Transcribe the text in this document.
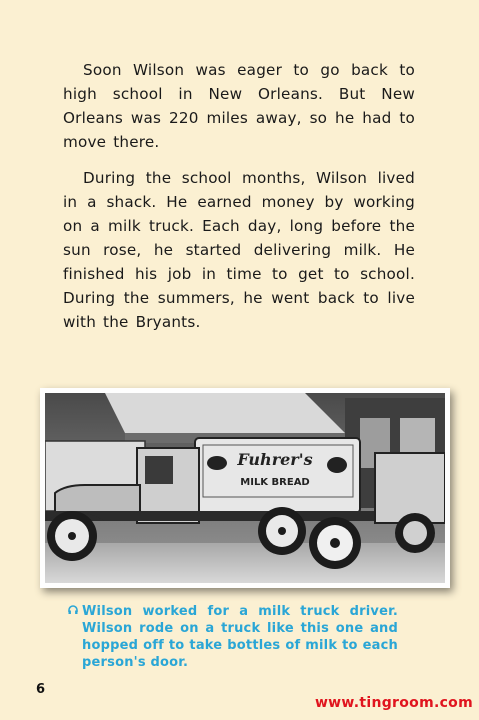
Soon Wilson was eager to go back to high school in New Orleans. But New Orleans was 220 miles away, so he had to move there.

During the school months, Wilson lived in a shack. He earned money by working on a milk truck. Each day, long before the sun rose, he started delivering milk. He finished his job in time to get to school. During the summers, he went back to live with the Bryants.

Fuhrer's
MILK BREAD
Wilson worked for a milk truck driver. Wilson rode on a truck like this one and hopped off to take bottles of milk to each person's door.
6
www.tingroom.com
